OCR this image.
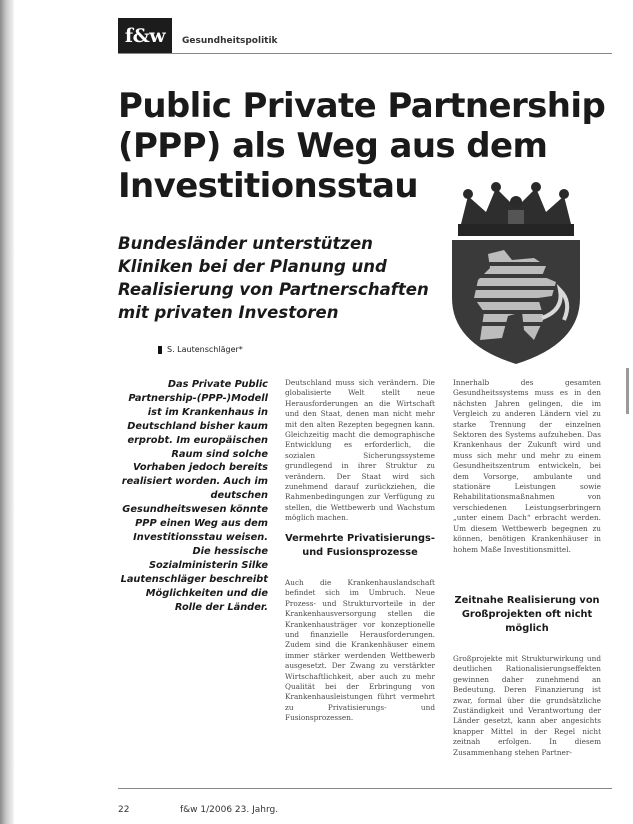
f&w	Gesundheitspolitik
Public Private Partnership (PPP) als Weg aus dem Investitionsstau
Bundesländer unterstützen Kliniken bei der Planung und Realisierung von Partnerschaften mit privaten Investoren
S. Lautenschläger*

Das Private Public Partnership-(PPP-)Modell ist im Krankenhaus in Deutschland bisher kaum erprobt. Im europäischen Raum sind solche Vorhaben jedoch bereits realisiert worden. Auch im deutschen Gesundheitswesen könnte PPP einen Weg aus dem Investitionsstau weisen. Die hessische Sozialministerin Silke Lautenschläger beschreibt Möglichkeiten und die Rolle der Länder.

Deutschland muss sich verändern. Die globalisierte Welt stellt neue Herausforderungen an die Wirtschaft und den Staat, denen man nicht mehr mit den alten Rezepten begegnen kann. Gleichzeitig macht die demographische Entwicklung es erforderlich, die sozialen Sicherungssysteme grundlegend in ihrer Struktur zu verändern. Der Staat wird sich zunehmend darauf zurückziehen, die Rahmenbedingungen zur Verfügung zu stellen, die Wettbewerb und Wachstum möglich machen.

Vermehrte Privatisierungs- und Fusionsprozesse

Auch die Krankenhauslandschaft befindet sich im Umbruch. Neue Prozess- und Strukturvorteile in der Krankenhausversorgung stellen die Krankenhausträger vor konzeptionelle und finanzielle Herausforderungen. Zudem sind die Krankenhäuser einem immer stärker werdenden Wettbewerb ausgesetzt. Der Zwang zu verstärkter Wirtschaftlichkeit, aber auch zu mehr Qualität bei der Erbringung von Krankenhausleistungen führt vermehrt zu Privatisierungs- und Fusionsprozessen.

Innerhalb des gesamten Gesundheitssystems muss es in den nächsten Jahren gelingen, die im Vergleich zu anderen Ländern viel zu starke Trennung der einzelnen Sektoren des Systems aufzuheben. Das Krankenhaus der Zukunft wird und muss sich mehr und mehr zu einem Gesundheitszentrum entwickeln, bei dem Vorsorge, ambulante und stationäre Leistungen sowie Rehabilitationsmaßnahmen von verschiedenen Leistungserbringern „unter einem Dach“ erbracht werden. Um diesem Wettbewerb begegnen zu können, benötigen Krankenhäuser in hohem Maße Investitionsmittel.

Zeitnahe Realisierung von Großprojekten oft nicht möglich

Großprojekte mit Strukturwirkung und deutlichen Rationalisierungseffekten gewinnen daher zunehmend an Bedeutung. Deren Finanzierung ist zwar, formal über die grundsätzliche Zuständigkeit und Verantwortung der Länder gesetzt, kann aber angesichts knapper Mittel in der Regel nicht zeitnah erfolgen. In diesem Zusammenhang stehen Partner-

22	f&w 1/2006 23. Jahrg.
